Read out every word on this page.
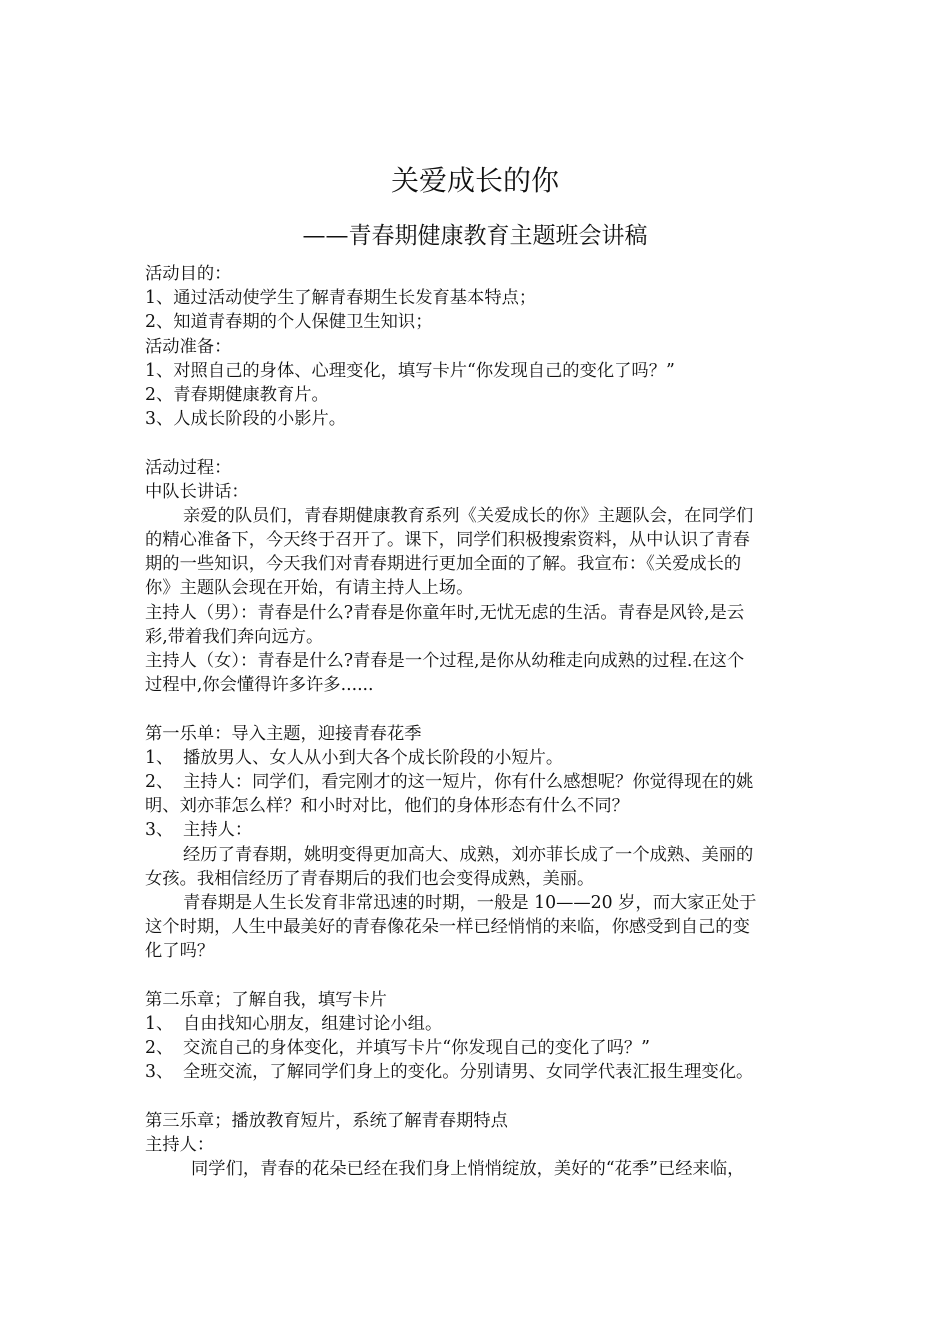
关爱成长的你
——青春期健康教育主题班会讲稿
活动目的：
1、通过活动使学生了解青春期生长发育基本特点；
2、知道青春期的个人保健卫生知识；
活动准备：
1、对照自己的身体、心理变化，填写卡片“你发现自己的变化了吗？”
2、青春期健康教育片。
3、人成长阶段的小影片。
活动过程：
中队长讲话：
亲爱的队员们，青春期健康教育系列《关爱成长的你》主题队会，在同学们
的精心准备下，今天终于召开了。课下，同学们积极搜索资料，从中认识了青春
期的一些知识，今天我们对青春期进行更加全面的了解。我宣布：《关爱成长的
你》主题队会现在开始，有请主持人上场。
主持人（男）：青春是什么?青春是你童年时,无忧无虑的生活。青春是风铃,是云
彩,带着我们奔向远方。
主持人（女）：青春是什么?青春是一个过程,是你从幼稚走向成熟的过程.在这个
过程中,你会懂得许多许多......
第一乐单：导入主题，迎接青春花季
1、 播放男人、女人从小到大各个成长阶段的小短片。
2、 主持人：同学们，看完刚才的这一短片，你有什么感想呢？你觉得现在的姚
明、刘亦菲怎么样？和小时对比，他们的身体形态有什么不同？
3、 主持人：
经历了青春期，姚明变得更加高大、成熟，刘亦菲长成了一个成熟、美丽的
女孩。我相信经历了青春期后的我们也会变得成熟，美丽。
青春期是人生长发育非常迅速的时期，一般是 10——20 岁，而大家正处于
这个时期，人生中最美好的青春像花朵一样已经悄悄的来临，你感受到自己的变
化了吗？
第二乐章；了解自我，填写卡片
1、 自由找知心朋友，组建讨论小组。
2、 交流自己的身体变化，并填写卡片“你发现自己的变化了吗？”
3、 全班交流，了解同学们身上的变化。分别请男、女同学代表汇报生理变化。
第三乐章；播放教育短片，系统了解青春期特点
主持人：
同学们，青春的花朵已经在我们身上悄悄绽放，美好的“花季”已经来临，
